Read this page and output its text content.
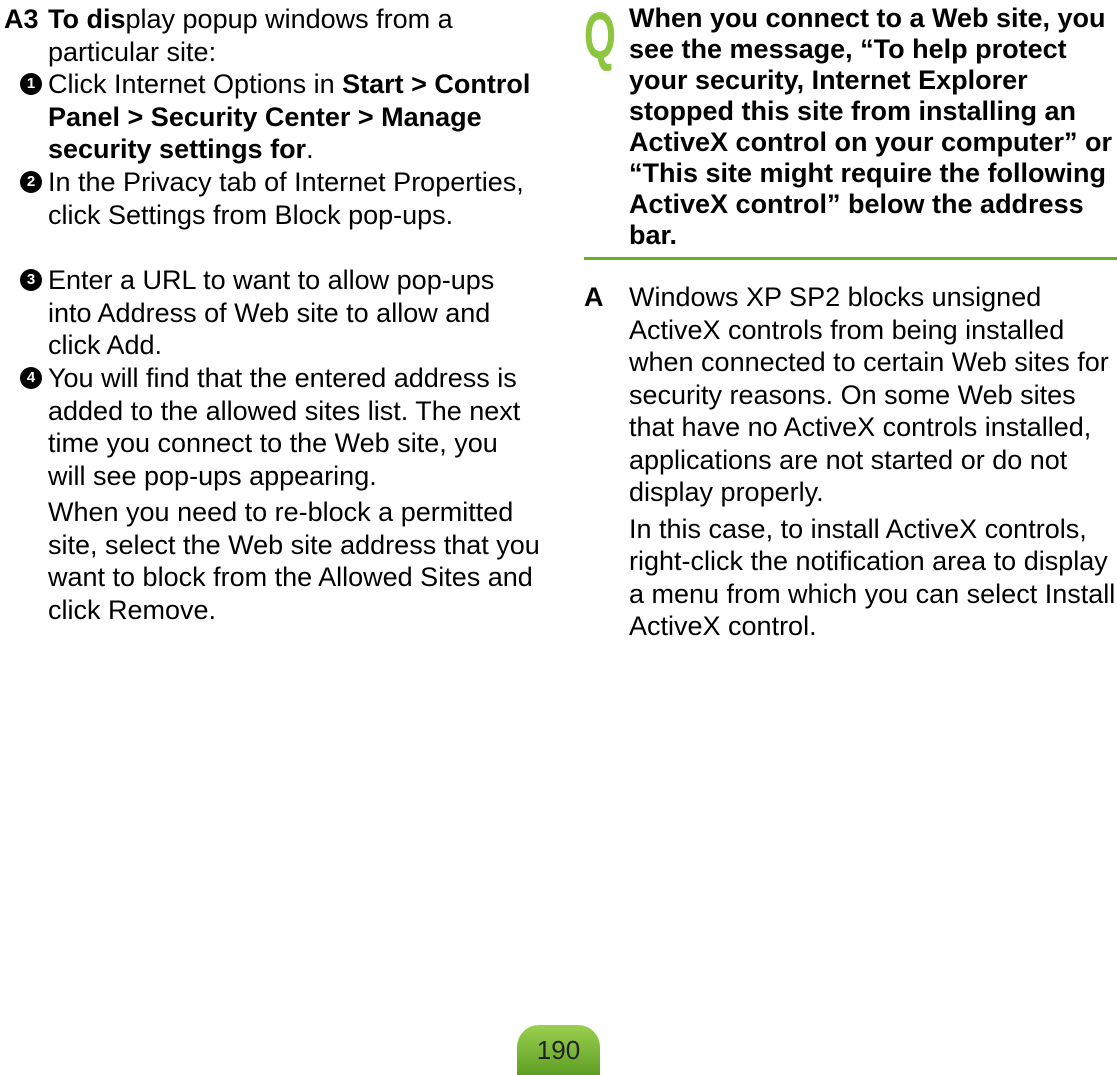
A3 To display popup windows from a particular site:
1 Click Internet Options in Start > Control Panel > Security Center > Manage security settings for.
2 In the Privacy tab of Internet Properties, click Settings from Block pop-ups.
3 Enter a URL to want to allow pop-ups into Address of Web site to allow and click Add.
4 You will find that the entered address is added to the allowed sites list. The next time you connect to the Web site, you will see pop-ups appearing.
When you need to re-block a permitted site, select the Web site address that you want to block from the Allowed Sites and click Remove.
Q When you connect to a Web site, you see the message, “To help protect your security, Internet Explorer stopped this site from installing an ActiveX control on your computer” or “This site might require the following ActiveX control” below the address bar.
A Windows XP SP2 blocks unsigned ActiveX controls from being installed when connected to certain Web sites for security reasons. On some Web sites that have no ActiveX controls installed, applications are not started or do not display properly.
In this case, to install ActiveX controls, right-click the notification area to display a menu from which you can select Install ActiveX control.
190
